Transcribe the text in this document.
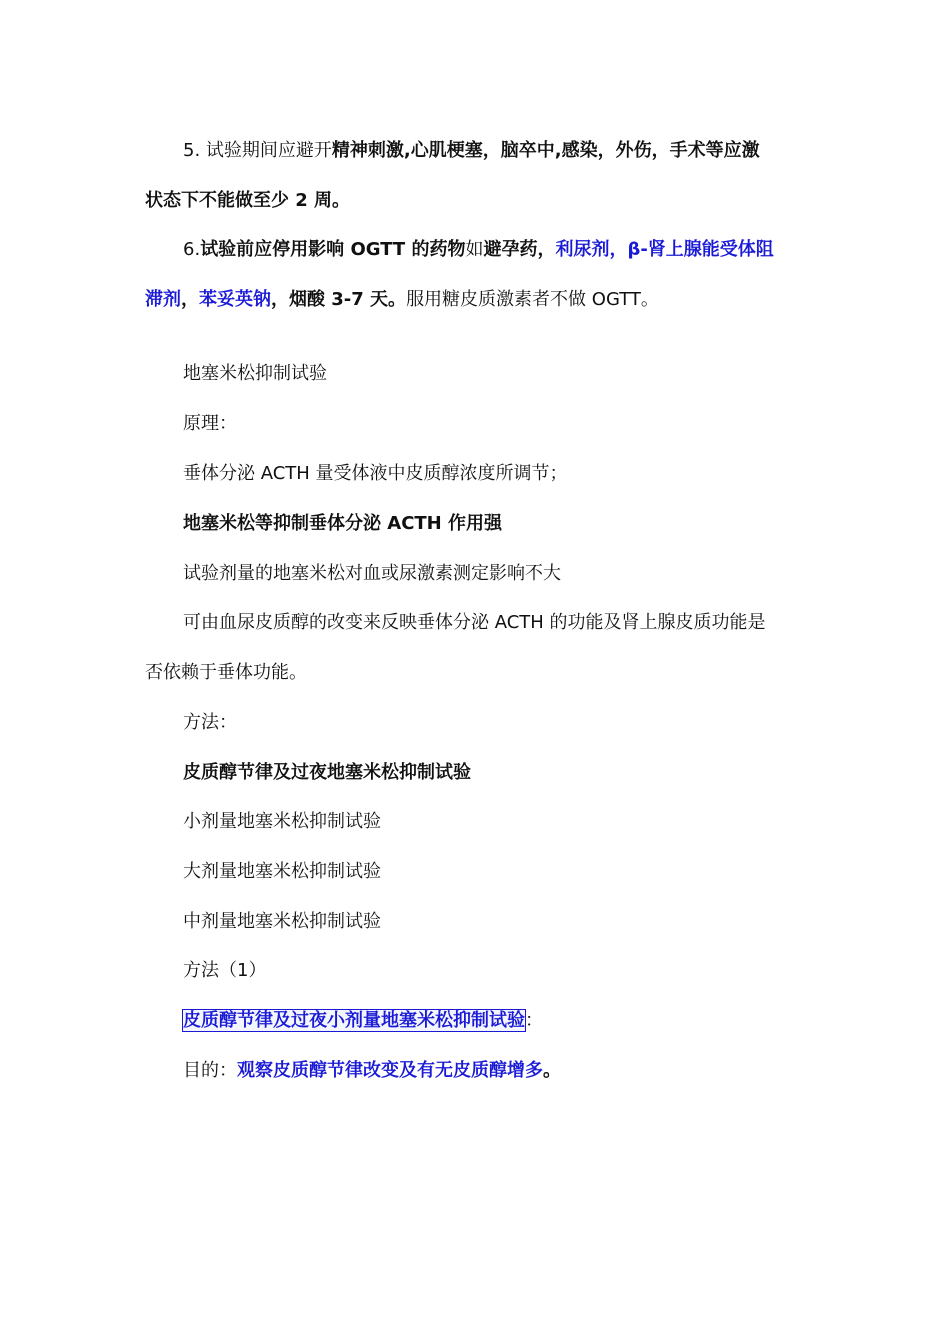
5. 试验期间应避开精神刺激,心肌梗塞，脑卒中,感染，外伤，手术等应激
状态下不能做至少 2 周。
6.试验前应停用影响 OGTT 的药物如避孕药，利尿剂，β-肾上腺能受体阻
滞剂，苯妥英钠，烟酸 3-7 天。服用糖皮质激素者不做 OGTT。
地塞米松抑制试验
原理：
垂体分泌 ACTH 量受体液中皮质醇浓度所调节；
地塞米松等抑制垂体分泌 ACTH 作用强
试验剂量的地塞米松对血或尿激素测定影响不大
可由血尿皮质醇的改变来反映垂体分泌 ACTH 的功能及肾上腺皮质功能是
否依赖于垂体功能。
方法：
皮质醇节律及过夜地塞米松抑制试验
小剂量地塞米松抑制试验
大剂量地塞米松抑制试验
中剂量地塞米松抑制试验
方法（1）
皮质醇节律及过夜小剂量地塞米松抑制试验：
目的：观察皮质醇节律改变及有无皮质醇增多。
